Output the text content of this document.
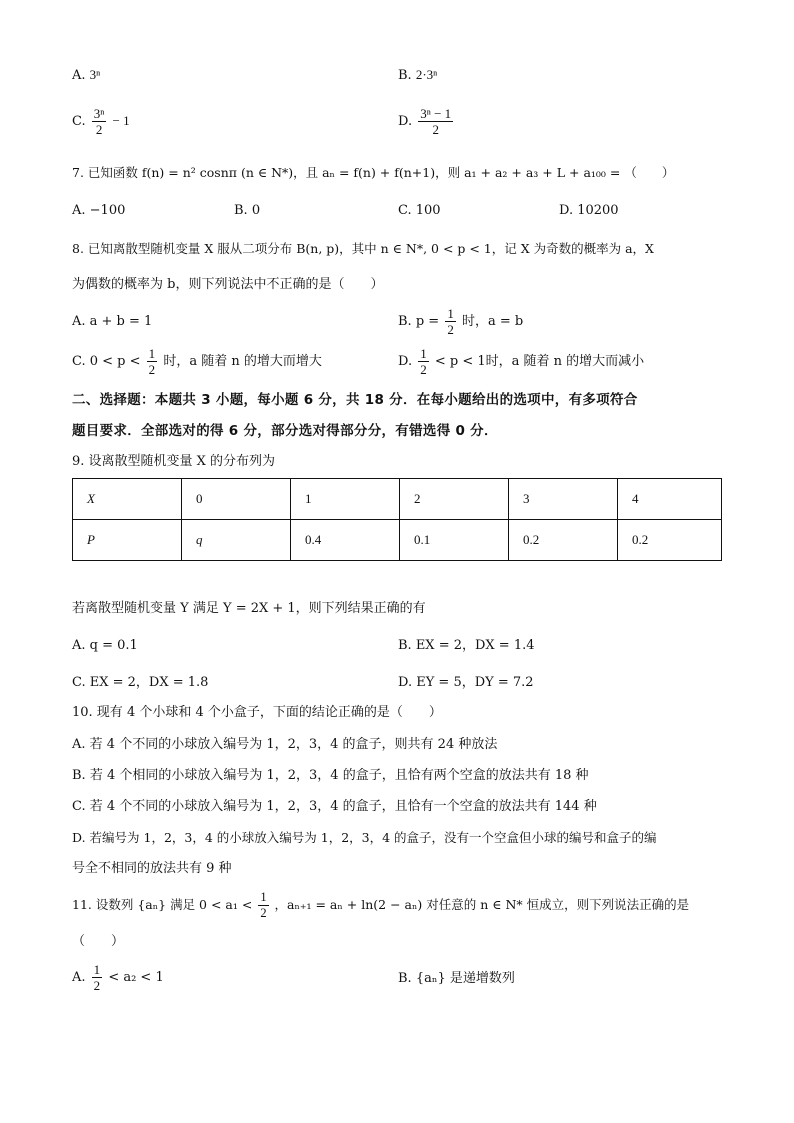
A. 3ⁿ	B. 2·3ⁿ
C. $\frac{\text{3ⁿ}}{2} - 1$	D. $\frac{\text{3ⁿ − 1}}{2}$
7. 已知函数 f(n) = n² cosnπ (n ∈ N*)，且 aₙ = f(n) + f(n+1)，则 a₁ + a₂ + a₃ + L + a₁₀₀ = （　　）
A. −100	B. 0	C. 100	D. 10200
8. 已知离散型随机变量 X 服从二项分布 B(n, p)，其中 n ∈ N*, 0 < p < 1，记 X 为奇数的概率为 a，X
为偶数的概率为 b，则下列说法中不正确的是（　　）
A. a + b = 1	B. $p = \frac{1}{2}$ 时，a = b
C. $0 < p < \frac{1}{2}$ 时，a 随着 n 的增大而增大	D. $\frac{1}{2} < p < 1$时，a 随着 n 的增大而减小
二、选择题：本题共 3 小题，每小题 6 分，共 18 分．在每小题给出的选项中，有多项符合
题目要求．全部选对的得 6 分，部分选对得部分分，有错选得 0 分．
9. 设离散型随机变量 X 的分布列为
X	0	1	2	3	4
P	q	0.4	0.1	0.2	0.2
若离散型随机变量 Y 满足 Y = 2X + 1，则下列结果正确的有
A. q = 0.1	B. EX = 2，DX = 1.4
C. EX = 2，DX = 1.8	D. EY = 5，DY = 7.2
10. 现有 4 个小球和 4 个小盒子，下面的结论正确的是（　　）
A. 若 4 个不同的小球放入编号为 1，2，3，4 的盒子，则共有 24 种放法
B. 若 4 个相同的小球放入编号为 1，2，3，4 的盒子，且恰有两个空盒的放法共有 18 种
C. 若 4 个不同的小球放入编号为 1，2，3，4 的盒子，且恰有一个空盒的放法共有 144 种
D. 若编号为 1，2，3，4 的小球放入编号为 1，2，3，4 的盒子，没有一个空盒但小球的编号和盒子的编
号全不相同的放法共有 9 种
11. 设数列 {aₙ} 满足 $0 < a_1 < \frac{1}{2}$ ，aₙ₊₁ = aₙ + ln(2 − aₙ) 对任意的 n ∈ N* 恒成立，则下列说法正确的是
（　　）
A. $\frac{1}{2} < a_2 < 1$	B. {aₙ} 是递增数列
